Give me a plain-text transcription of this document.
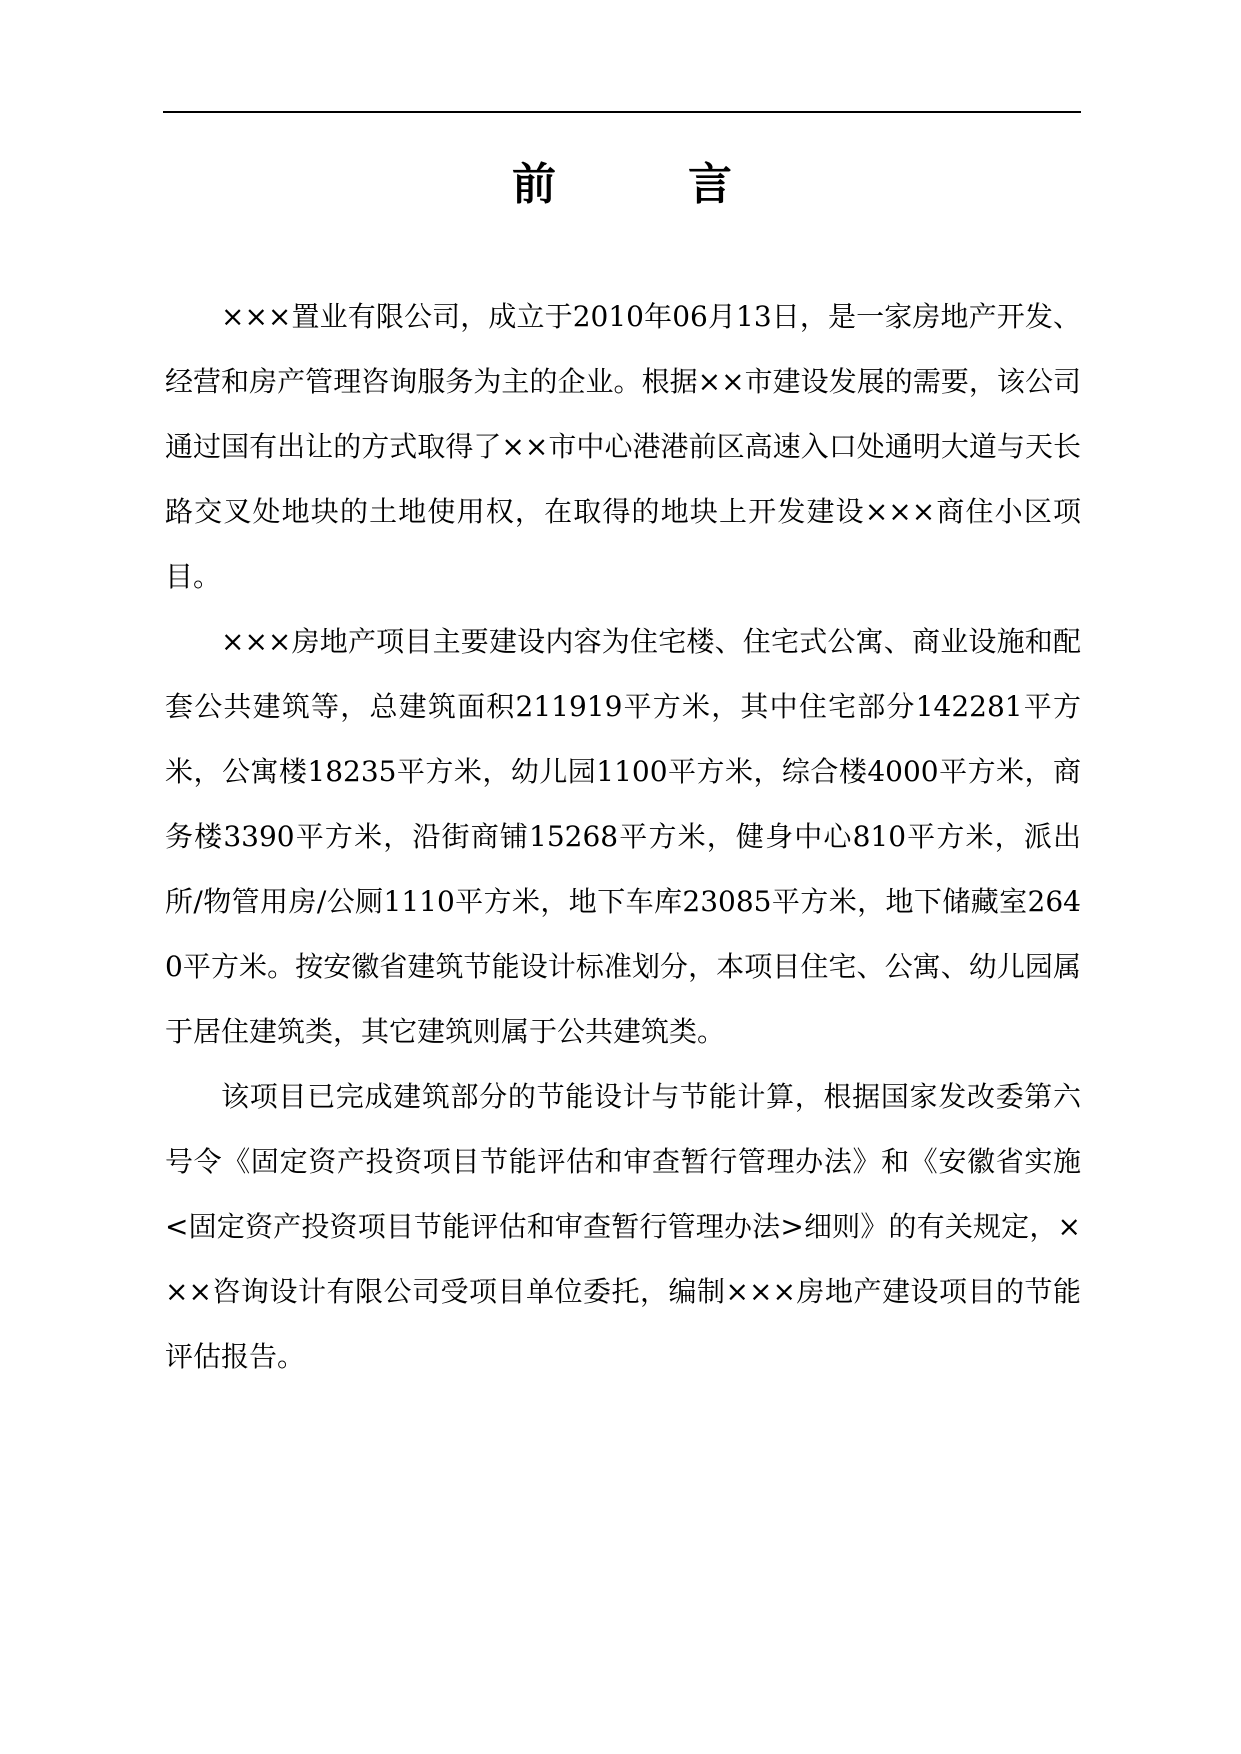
前　言

×××置业有限公司，成立于2010年06月13日，是一家房地产开发、经营和房产管理咨询服务为主的企业。根据××市建设发展的需要，该公司通过国有出让的方式取得了××市中心港港前区高速入口处通明大道与天长路交叉处地块的土地使用权，在取得的地块上开发建设×××商住小区项目。

×××房地产项目主要建设内容为住宅楼、住宅式公寓、商业设施和配套公共建筑等，总建筑面积211919平方米，其中住宅部分142281平方米，公寓楼18235平方米，幼儿园1100平方米，综合楼4000平方米，商务楼3390平方米，沿街商铺15268平方米，健身中心810平方米，派出所/物管用房/公厕1110平方米，地下车库23085平方米，地下储藏室2640平方米。按安徽省建筑节能设计标准划分，本项目住宅、公寓、幼儿园属于居住建筑类，其它建筑则属于公共建筑类。

该项目已完成建筑部分的节能设计与节能计算，根据国家发改委第六号令《固定资产投资项目节能评估和审查暂行管理办法》和《安徽省实施<固定资产投资项目节能评估和审查暂行管理办法>细则》的有关规定，×××咨询设计有限公司受项目单位委托，编制×××房地产建设项目的节能评估报告。
